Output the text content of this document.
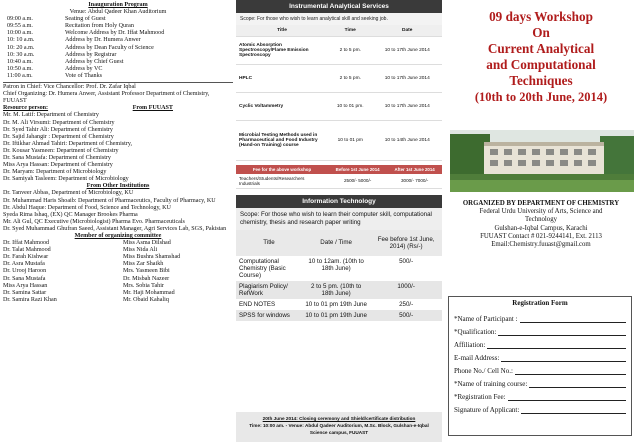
Inauguration Program
Venue: Abdul Qadeer Khan Auditorium
09:00 a.m.	Seating of Guest
09:55 a.m.	Recitation from Holy Quran
10:00 a.m.	Welcome Address by Dr. Iffat Mahmood
10: 10 a.m.	Address by Dr. Humera Anwer
10: 20 a.m.	Address by Dean Faculty of Science
10: 30 a.m.	Address by Registrar
10:40 a.m.	Address by Chief Guest
10:50 a.m.	Address by VC
11:00 a.m.	Vote of Thanks
Patron in Chief: Vice Chancellor: Prof. Dr. Zafar Iqbal
Chief Organizing: Dr. Humera Anwer, Assistant Professor Department of Chemistry, FUUAST
Resource person:	From FUUAST
Mr. M. Latif: Department of Chemistry
Dr. M. Ali Virsumi: Department of Chemistry
Dr. Syed Tahir Ali: Department of Chemistry
Dr. Sajid Jahangir : Department of Chemistry
Dr. Iftikhar Ahmad Tahiri: Department of Chemistry,
Dr. Kousar Yasmeen: Department of Chemistry
Dr. Sana Mustafa: Department of Chemistry
Miss Arya Hassan: Department of Chemistry
Dr. Maryam: Department of Microbiology
Dr. Samiyah Tasleem: Department of Microbiology
From Other Institutions
Dr. Tanveer Abbas, Department of Microbiology, KU
Dr. Muhammad Haris Shoaib: Department of Pharmaceutics, Faculty of Pharmacy, KU
Dr. Abdul Haque: Department of Food, Science and Technology, KU
Syeda Rima Ishaq, (EX) QC Manager Brookes Pharma
Mr. Ali Gul, QC Executive (Microbiologist) Pharma Evo. Pharmaceuticals
Dr. Syed Muhammad Ghufran Saeed, Assistant Manager, Agri Services Lab, SGS, Pakistan
Member of organizing committee
Dr. Iffat Mahmood	Miss Asma Dilshad
Dr. Talat Mahmood	Miss Nida Ali
Dr. Farah Kishwar	Miss Bushra Shamshad
Dr. Asra Mustafa	Miss Zar Shaikh
Dr. Urooj Haroon	Mrs. Yasmeen Bibi
Dr. Sana Mustafa	Dr. Misbah Nazeer
Miss Arya Hassan	Mrs. Sobia Tahir
Dr. Samina Sattar	Mr. Haji Mohammad
Dr. Samira Razi Khan	Mr. Obaid Kahaliq
Instrumental Analytical Services
Scope: For those who wish to learn analytical skill and seeking job.
Title	Time	Date
Atomic Absorption Spectroscopy/Flame Emission Spectroscopy	2 to 5 pm.	10 to 17th June 2014
HPLC	2 to 5 pm.	10 to 17th June 2014
Cyclic Voltammetry	10 to 01 pm.	10 to 17th June 2014
Microbial Testing Methods used in Pharmaceutical and Food Industry (Hand-on Training) course	10 to 01 pm	10 to 14th June 2014
Fee for the above workshop	Before 1st June 2014	After 1st June 2014
Teachers/Students/Researchers Industrials	2500/- 5000/-	3000/- 7000/-
Information Technology
Scope: For those who wish to learn their computer skill, computational chemistry, thesis and research paper writing
Title	Date / Time	Fee before 1st June, 2014) (Rs/-)
Computational Chemistry (Basic Course)	10 to 12am. (10th to 18th June)	500/-
Plagiarism Policy/ RefWork	2 to 5 pm. (10th to 18th June)	1000/-
END NOTES	10 to 01 pm 19th June	250/-
SPSS for windows	10 to 01 pm 19th June	500/-
20th June 2014: Closing ceremony and Shield/certificate distribution
Time: 10:00 am. - Venue: Abdul Qadeer Auditorium, M.Sc. Block, Gulshan-e-Iqbal Science campus, FUUAST
09 days Workshop
On
Current Analytical
and Computational
Techniques
(10th to 20th June, 2014)
ORGANIZED BY DEPARTMENT OF CHEMISTRY
Federal Urdu University of Arts, Science and Technology
Gulshan-e-Iqbal Campus, Karachi
FUUAST Contact # 021-9244141, Ext. 2113
Email:Chemistry.fuuast@gmail.com
Registration Form
*Name of Participant :
*Qualification:
Affiliation:
E-mail Address:
Phone No./ Cell No.:
*Name of training course:
*Registration Fee:
Signature of Applicant:
